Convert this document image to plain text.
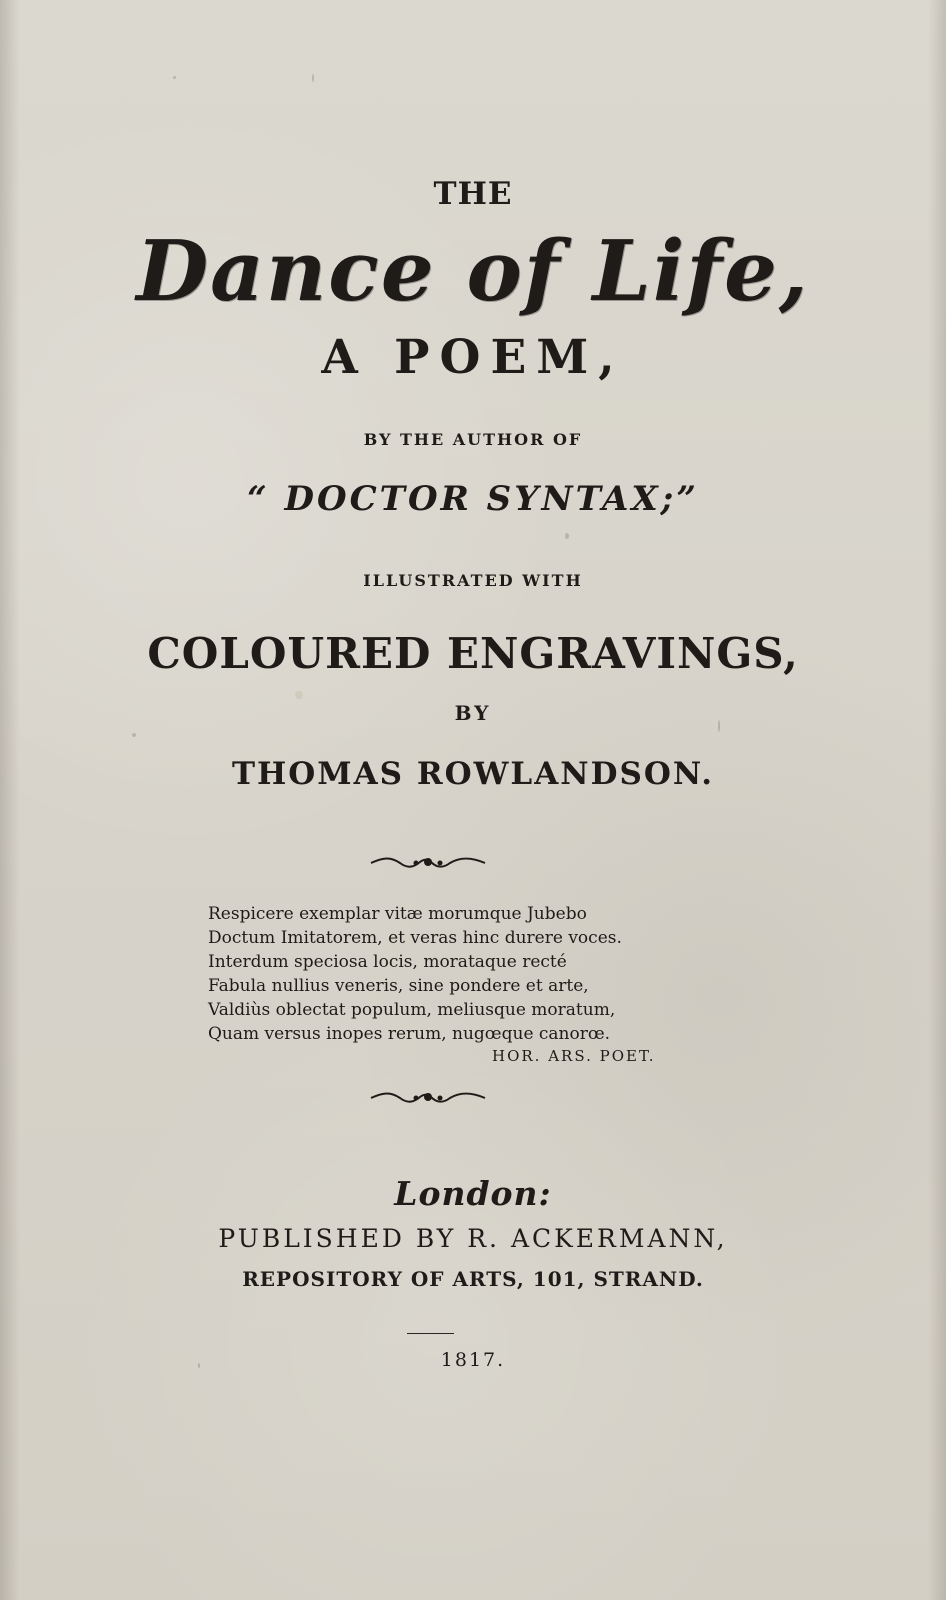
THE
Dance of Life,
A POEM,
BY THE AUTHOR OF
“ DOCTOR SYNTAX;”
ILLUSTRATED WITH
COLOURED ENGRAVINGS,
BY
THOMAS ROWLANDSON.
Respicere exemplar vitæ morumque Jubebo
Doctum Imitatorem, et veras hinc durere voces.
Interdum speciosa locis, morataque recté
Fabula nullius veneris, sine pondere et arte,
Valdiùs oblectat populum, meliusque moratum,
Quam versus inopes rerum, nugœque canorœ.
HOR. ARS. POET.
London:
PUBLISHED BY R. ACKERMANN,
REPOSITORY OF ARTS, 101, STRAND.
1817.
